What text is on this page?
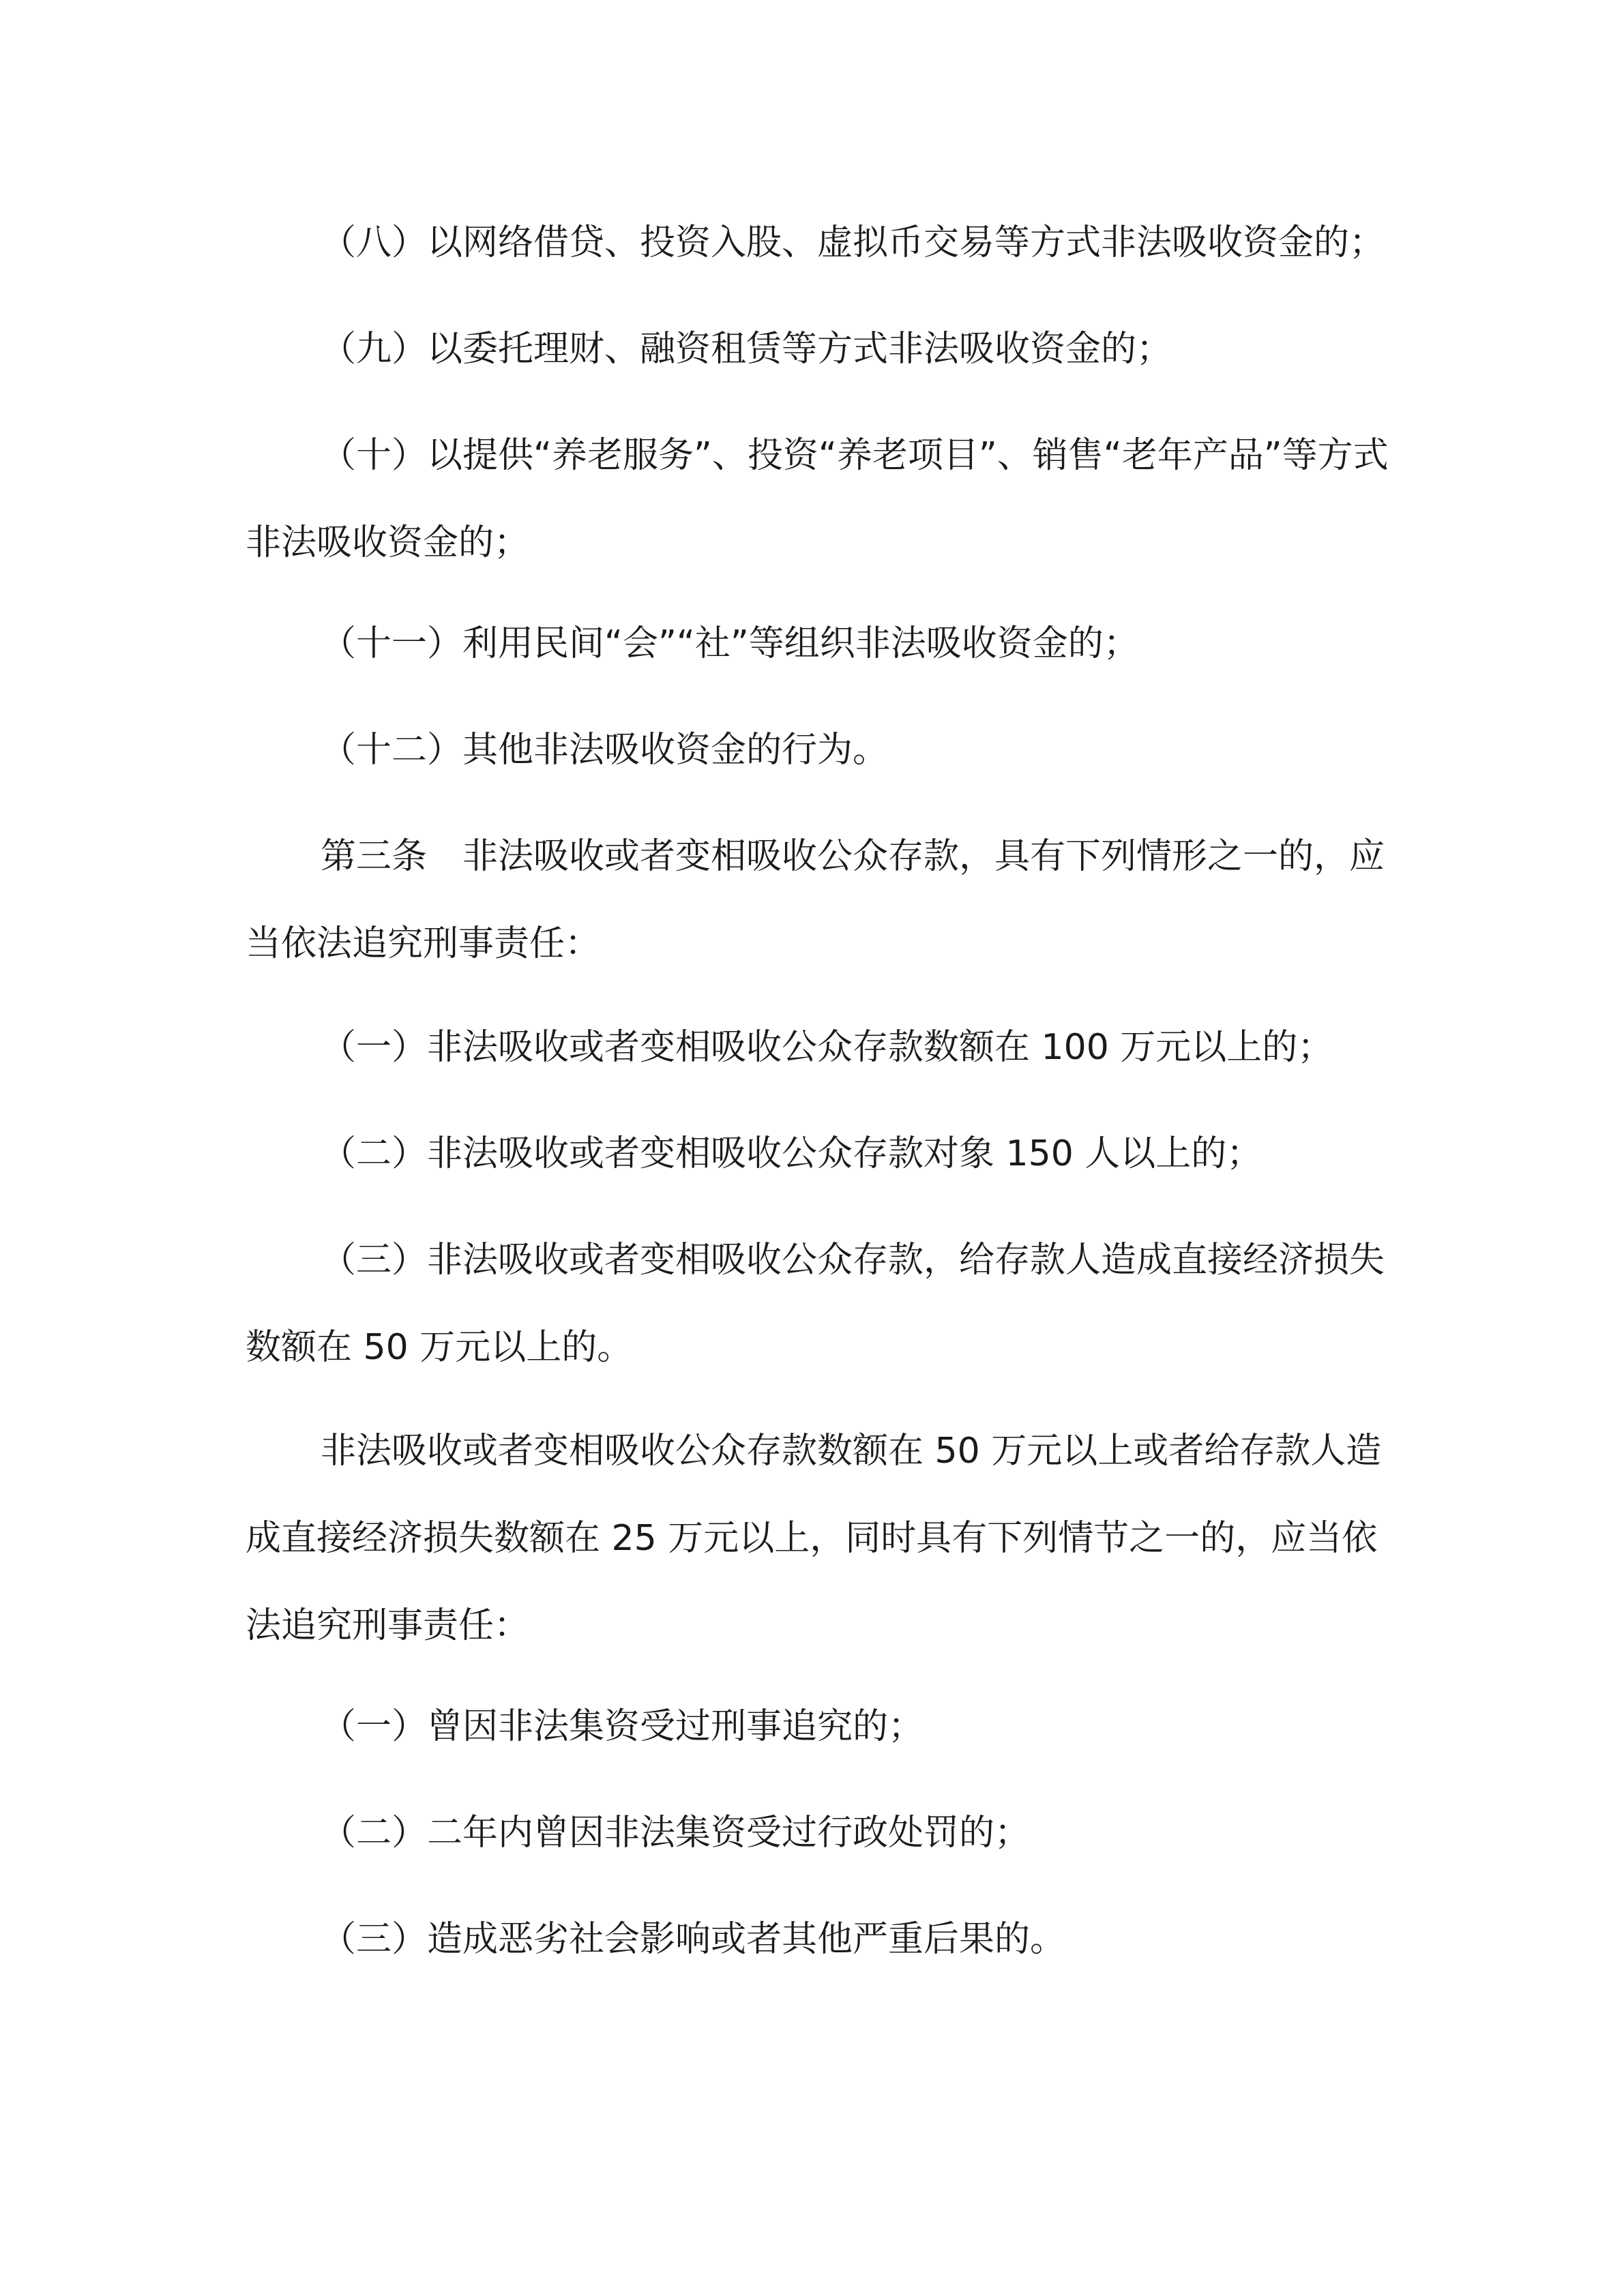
（八）以网络借贷、投资入股、虚拟币交易等方式非法吸收资金的；

（九）以委托理财、融资租赁等方式非法吸收资金的；

（十）以提供“养老服务”、投资“养老项目”、销售“老年产品”等方式非法吸收资金的；

（十一）利用民间“会”“社”等组织非法吸收资金的；

（十二）其他非法吸收资金的行为。

第三条　非法吸收或者变相吸收公众存款，具有下列情形之一的，应当依法追究刑事责任：

（一）非法吸收或者变相吸收公众存款数额在 100 万元以上的；

（二）非法吸收或者变相吸收公众存款对象 150 人以上的；

（三）非法吸收或者变相吸收公众存款，给存款人造成直接经济损失数额在 50 万元以上的。

非法吸收或者变相吸收公众存款数额在 50 万元以上或者给存款人造成直接经济损失数额在 25 万元以上，同时具有下列情节之一的，应当依法追究刑事责任：

（一）曾因非法集资受过刑事追究的；

（二）二年内曾因非法集资受过行政处罚的；

（三）造成恶劣社会影响或者其他严重后果的。
